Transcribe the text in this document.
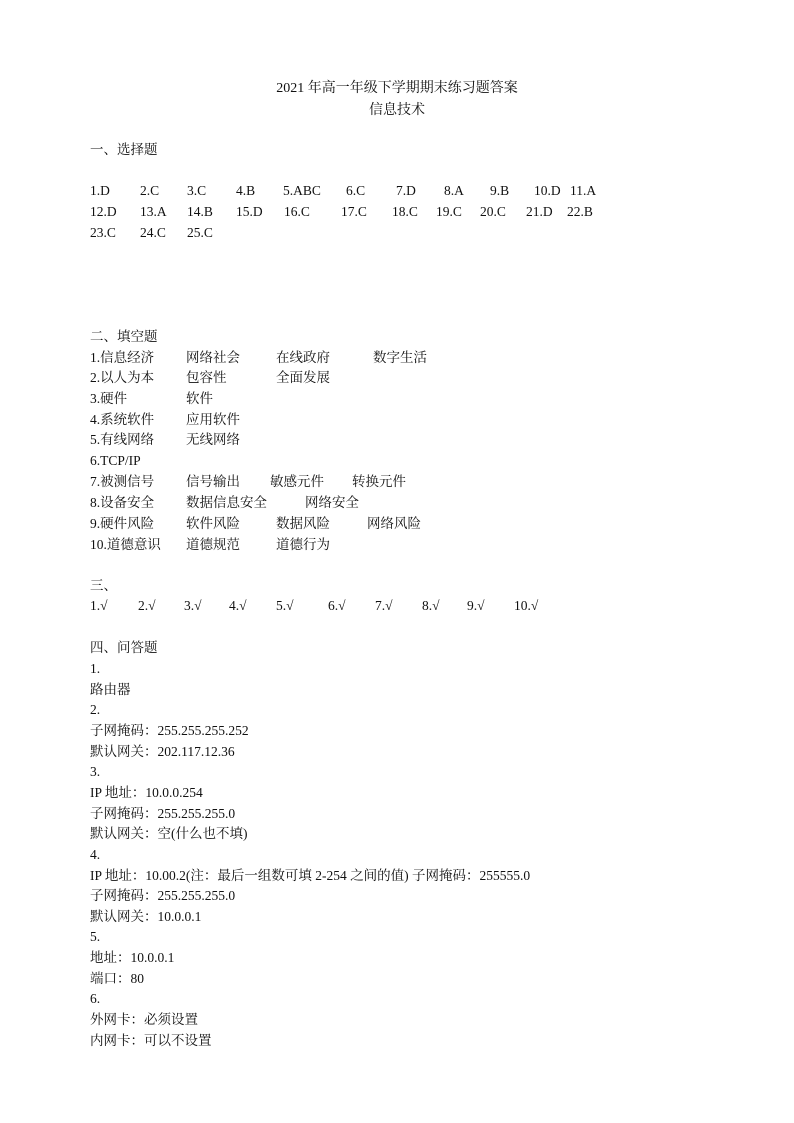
2021 年高一年级下学期期末练习题答案
信息技术
一、选择题
1.D 2.C 3.C 4.B 5.ABC 6.C 7.D 8.A 9.B 10.D 11.A
12.D 13.A 14.B 15.D 16.C 17.C 18.C 19.C 20.C 21.D 22.B
23.C 24.C 25.C
二、填空题
1.信息经济 网络社会	在线政府	数字生活
2.以人为本 包容性	全面发展
3.硬件	软件
4.系统软件 应用软件
5.有线网络 无线网络
6.TCP/IP
7.被测信号 信号输出 敏感元件 转换元件
8.设备安全 数据信息安全	网络安全
9.硬件风险 软件风险	数据风险	网络风险
10.道德意识 道德规范	道德行为
三、
1.√ 2.√ 3.√ 4.√ 5.√	6.√ 7.√ 8.√ 9.√ 10.√
四、问答题
1.
路由器
2.
子网掩码：255.255.255.252
默认网关：202.117.12.36
3.
IP 地址：10.0.0.254
子网掩码：255.255.255.0
默认网关：空(什么也不填)
4.
IP 地址：10.00.2(注：最后一组数可填 2-254 之间的值) 子网掩码：255555.0
子网掩码：255.255.255.0
默认网关：10.0.0.1
5.
地址：10.0.0.1
端口：80
6.
外网卡：必须设置
内网卡：可以不设置
